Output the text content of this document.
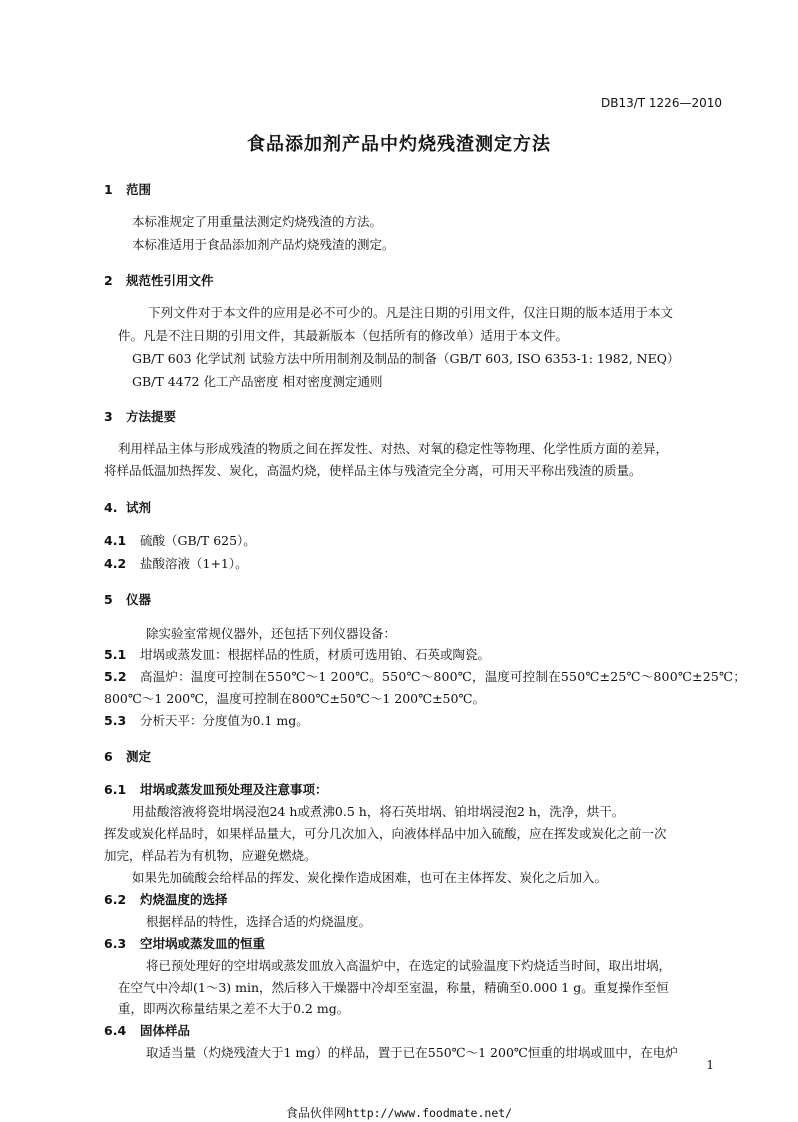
DB13/T 1226—2010
食品添加剂产品中灼烧残渣测定方法
1 范围
本标准规定了用重量法测定灼烧残渣的方法。
本标准适用于食品添加剂产品灼烧残渣的测定。
2 规范性引用文件
下列文件对于本文件的应用是必不可少的。凡是注日期的引用文件，仅注日期的版本适用于本文
件。凡是不注日期的引用文件，其最新版本（包括所有的修改单）适用于本文件。
GB/T 603 化学试剂 试验方法中所用制剂及制品的制备（GB/T 603, ISO 6353-1: 1982, NEQ）
GB/T 4472 化工产品密度 相对密度测定通则
3 方法提要
利用样品主体与形成残渣的物质之间在挥发性、对热、对氧的稳定性等物理、化学性质方面的差异，
将样品低温加热挥发、炭化，高温灼烧，使样品主体与残渣完全分离，可用天平称出残渣的质量。
4. 试剂
4.1 硫酸（GB/T 625）。
4.2 盐酸溶液（1+1）。
5 仪器
除实验室常规仪器外，还包括下列仪器设备：
5.1 坩埚或蒸发皿：根据样品的性质，材质可选用铂、石英或陶瓷。
5.2 高温炉：温度可控制在550℃～1 200℃。550℃～800℃，温度可控制在550℃±25℃～800℃±25℃；
800℃～1 200℃，温度可控制在800℃±50℃～1 200℃±50℃。
5.3 分析天平：分度值为0.1 mg。
6 测定
6.1 坩埚或蒸发皿预处理及注意事项：
用盐酸溶液将瓷坩埚浸泡24 h或煮沸0.5 h，将石英坩埚、铂坩埚浸泡2 h，洗净，烘干。
挥发或炭化样品时，如果样品量大，可分几次加入，向液体样品中加入硫酸，应在挥发或炭化之前一次
加完，样品若为有机物，应避免燃烧。
如果先加硫酸会给样品的挥发、炭化操作造成困难，也可在主体挥发、炭化之后加入。
6.2 灼烧温度的选择
根据样品的特性，选择合适的灼烧温度。
6.3 空坩埚或蒸发皿的恒重
将已预处理好的空坩埚或蒸发皿放入高温炉中，在选定的试验温度下灼烧适当时间，取出坩埚，
在空气中冷却(1～3) min，然后移入干燥器中冷却至室温，称量，精确至0.000 1 g。重复操作至恒
重，即两次称量结果之差不大于0.2 mg。
6.4 固体样品
取适当量（灼烧残渣大于1 mg）的样品，置于已在550℃～1 200℃恒重的坩埚或皿中，在电炉
1
食品伙伴网http://www.foodmate.net/
